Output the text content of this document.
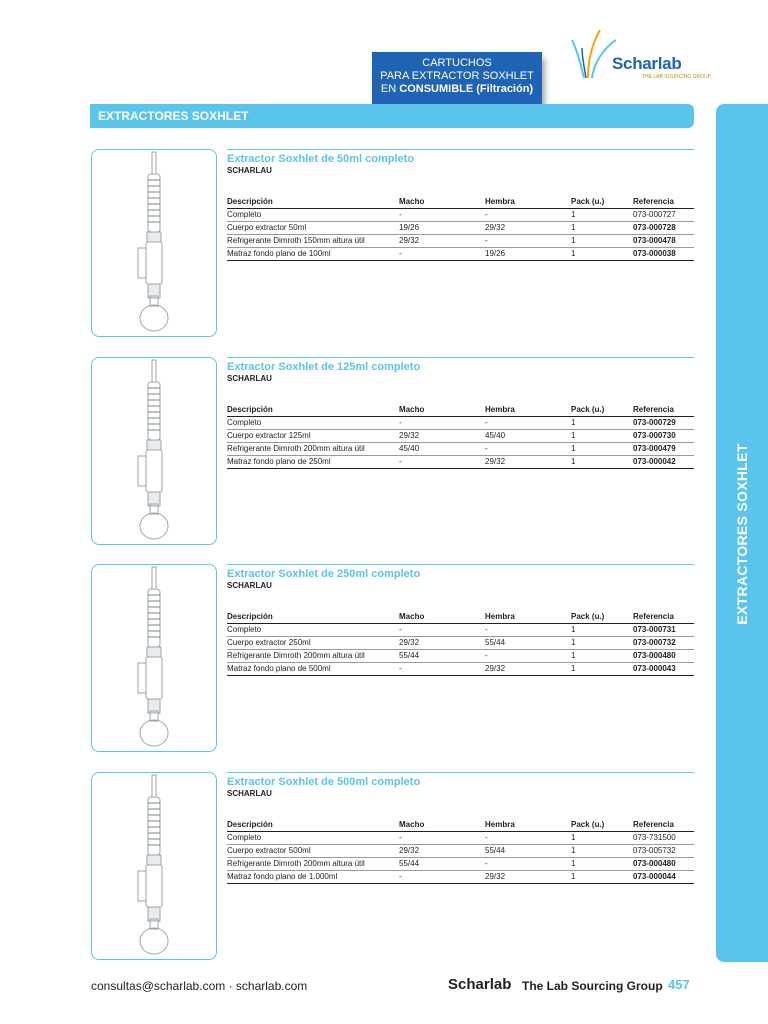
CARTUCHOS
PARA EXTRACTOR SOXHLET
EN CONSUMIBLE (Filtración)
Scharlab
THE LAB SOURCING GROUP
EXTRACTORES SOXHLET
EXTRACTORES SOXHLET
Extractor Soxhlet de 50ml completo
SCHARLAU
Descripción	Macho	Hembra	Pack (u.)	Referencia
Completo	-	-	1	073-000727
Cuerpo extractor 50ml	19/26	29/32	1	073-000728
Refrigerante Dimroth 150mm altura útil	29/32	-	1	073-000478
Matraz fondo plano de 100ml	-	19/26	1	073-000038
Extractor Soxhlet de 125ml completo
SCHARLAU
Descripción	Macho	Hembra	Pack (u.)	Referencia
Completo	-	-	1	073-000729
Cuerpo extractor 125ml	29/32	45/40	1	073-000730
Refrigerante Dimroth 200mm altura útil	45/40	-	1	073-000479
Matraz fondo plano de 250ml	-	29/32	1	073-000042
Extractor Soxhlet de 250ml completo
SCHARLAU
Descripción	Macho	Hembra	Pack (u.)	Referencia
Completo	-	-	1	073-000731
Cuerpo extractor 250ml	29/32	55/44	1	073-000732
Refrigerante Dimroth 200mm altura útil	55/44	-	1	073-000480
Matraz fondo plano de 500ml	-	29/32	1	073-000043
Extractor Soxhlet de 500ml completo
SCHARLAU
Descripción	Macho	Hembra	Pack (u.)	Referencia
Completo	-	-	1	073-731500
Cuerpo extractor 500ml	29/32	55/44	1	073-005732
Refrigerante Dimroth 200mm altura útil	55/44	-	1	073-000480
Matraz fondo plano de 1.000ml	-	29/32	1	073-000044
consultas@scharlab.com · scharlab.com	Scharlab The Lab Sourcing Group 457
